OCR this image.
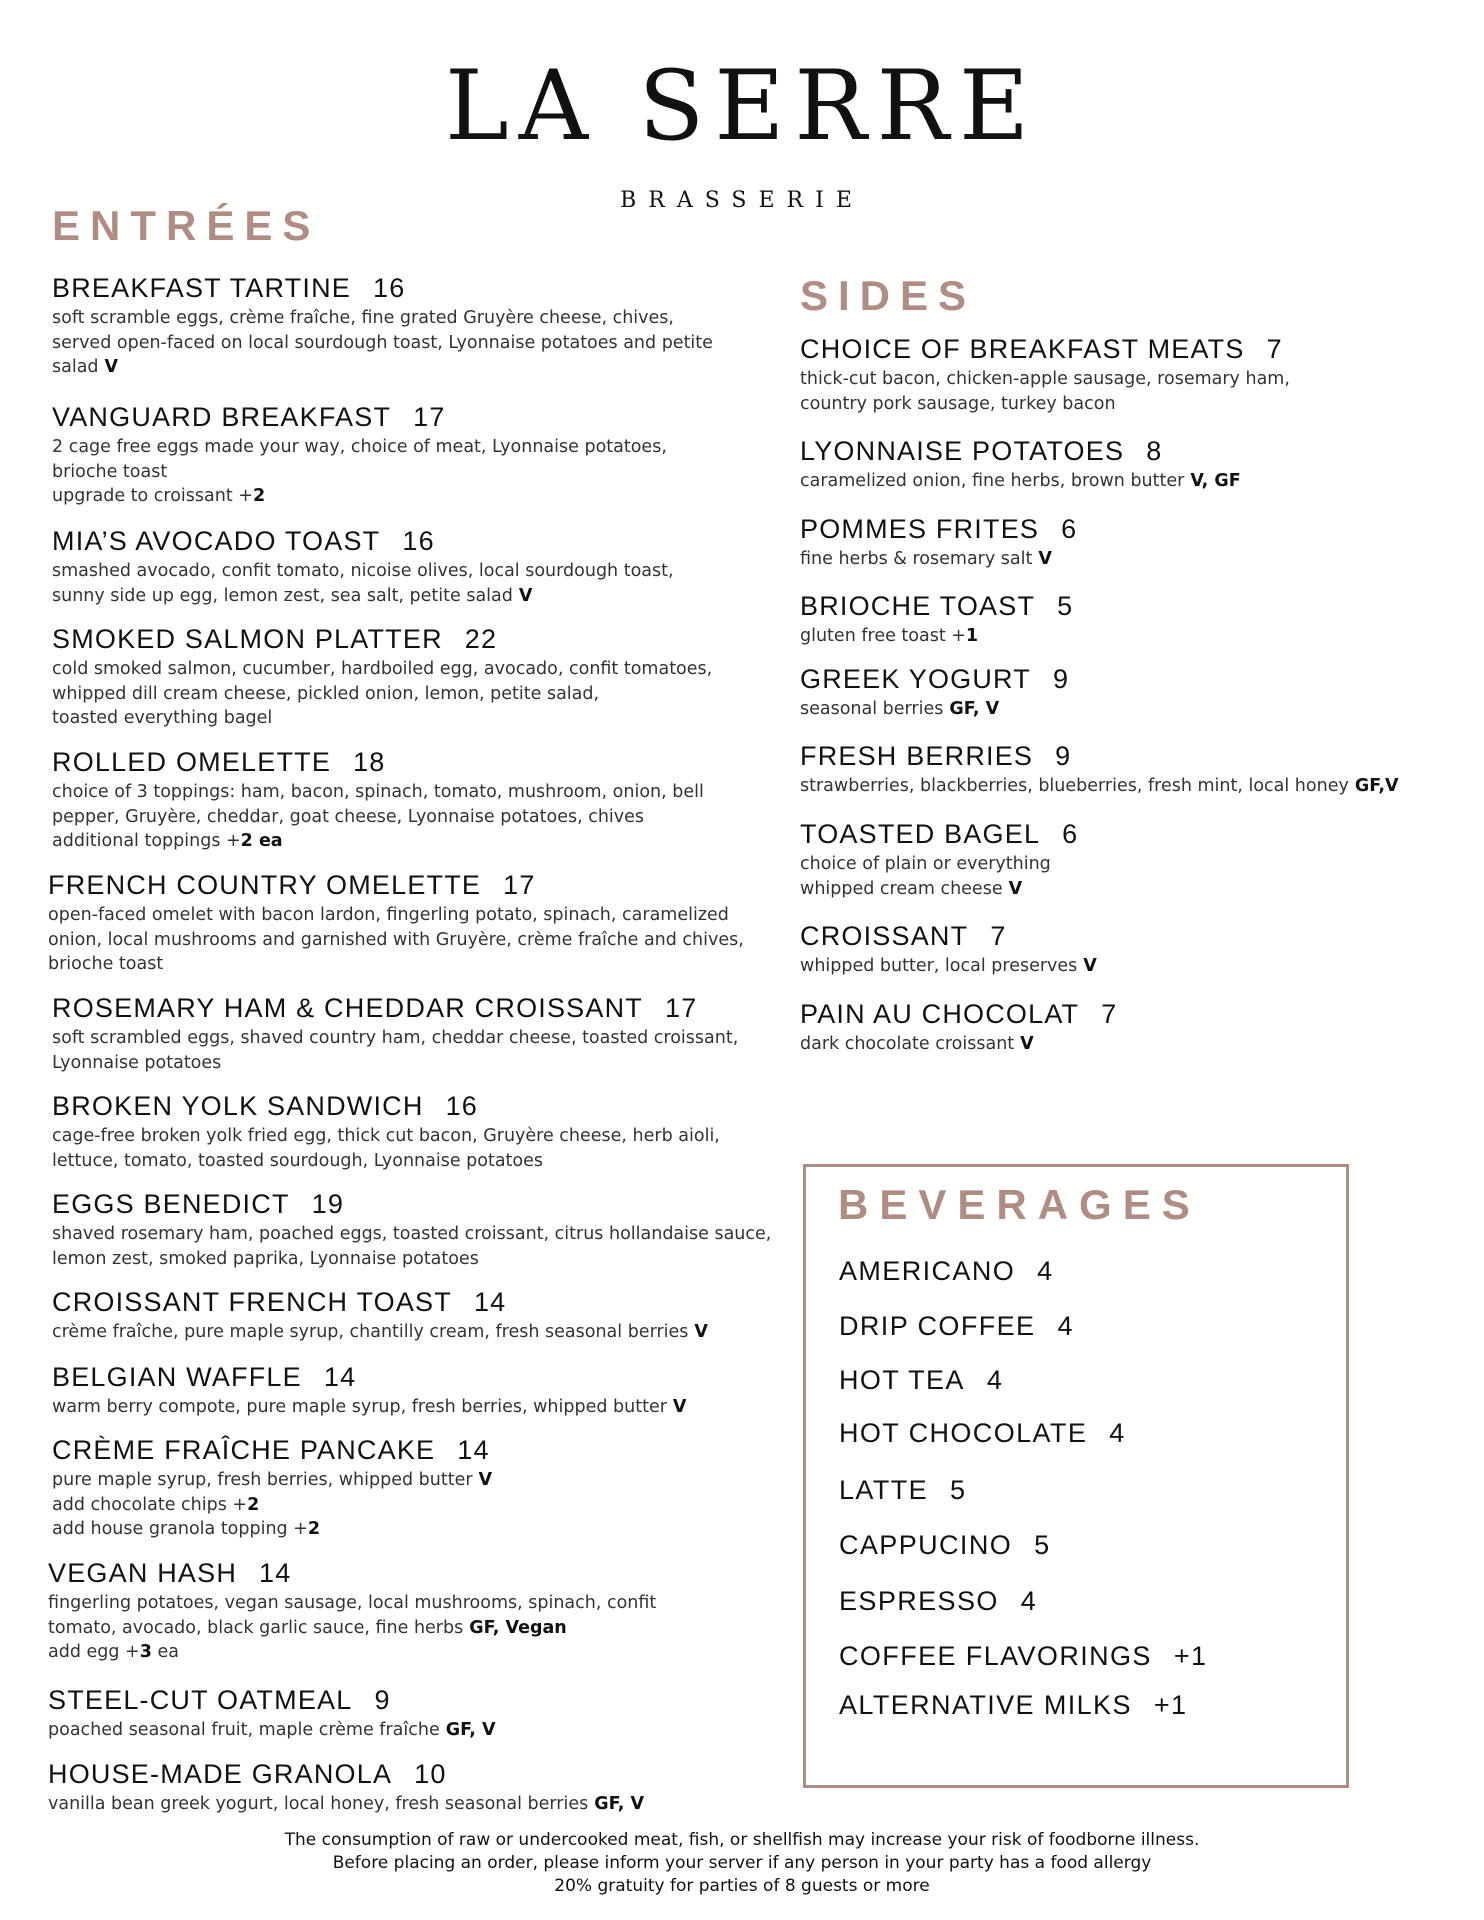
LA SERRE
BRASSERIE
ENTRÉES
BREAKFAST TARTINE 16
soft scramble eggs, crème fraîche, fine grated Gruyère cheese, chives,
served open-faced on local sourdough toast, Lyonnaise potatoes and petite
salad V
VANGUARD BREAKFAST 17
2 cage free eggs made your way, choice of meat, Lyonnaise potatoes,
brioche toast
upgrade to croissant +2
MIA’S AVOCADO TOAST 16
smashed avocado, confit tomato, nicoise olives, local sourdough toast,
sunny side up egg, lemon zest, sea salt, petite salad V
SMOKED SALMON PLATTER 22
cold smoked salmon, cucumber, hardboiled egg, avocado, confit tomatoes,
whipped dill cream cheese, pickled onion, lemon, petite salad,
toasted everything bagel
ROLLED OMELETTE 18
choice of 3 toppings: ham, bacon, spinach, tomato, mushroom, onion, bell
pepper, Gruyère, cheddar, goat cheese, Lyonnaise potatoes, chives
additional toppings +2 ea
FRENCH COUNTRY OMELETTE 17
open-faced omelet with bacon lardon, fingerling potato, spinach, caramelized
onion, local mushrooms and garnished with Gruyère, crème fraîche and chives,
brioche toast
ROSEMARY HAM & CHEDDAR CROISSANT 17
soft scrambled eggs, shaved country ham, cheddar cheese, toasted croissant,
Lyonnaise potatoes
BROKEN YOLK SANDWICH 16
cage-free broken yolk fried egg, thick cut bacon, Gruyère cheese, herb aioli,
lettuce, tomato, toasted sourdough, Lyonnaise potatoes
EGGS BENEDICT 19
shaved rosemary ham, poached eggs, toasted croissant, citrus hollandaise sauce,
lemon zest, smoked paprika, Lyonnaise potatoes
CROISSANT FRENCH TOAST 14
crème fraîche, pure maple syrup, chantilly cream, fresh seasonal berries V
BELGIAN WAFFLE 14
warm berry compote, pure maple syrup, fresh berries, whipped butter V
CRÈME FRAÎCHE PANCAKE 14
pure maple syrup, fresh berries, whipped butter V
add chocolate chips +2
add house granola topping +2
VEGAN HASH 14
fingerling potatoes, vegan sausage, local mushrooms, spinach, confit
tomato, avocado, black garlic sauce, fine herbs GF, Vegan
add egg +3 ea
STEEL-CUT OATMEAL 9
poached seasonal fruit, maple crème fraîche GF, V
HOUSE-MADE GRANOLA 10
vanilla bean greek yogurt, local honey, fresh seasonal berries GF, V
SIDES
CHOICE OF BREAKFAST MEATS 7
thick-cut bacon, chicken-apple sausage, rosemary ham,
country pork sausage, turkey bacon
LYONNAISE POTATOES 8
caramelized onion, fine herbs, brown butter V, GF
POMMES FRITES 6
fine herbs & rosemary salt V
BRIOCHE TOAST 5
gluten free toast +1
GREEK YOGURT 9
seasonal berries GF, V
FRESH BERRIES 9
strawberries, blackberries, blueberries, fresh mint, local honey GF,V
TOASTED BAGEL 6
choice of plain or everything
whipped cream cheese V
CROISSANT 7
whipped butter, local preserves V
PAIN AU CHOCOLAT 7
dark chocolate croissant V
BEVERAGES
AMERICANO 4
DRIP COFFEE 4
HOT TEA 4
HOT CHOCOLATE 4
LATTE 5
CAPPUCINO 5
ESPRESSO 4
COFFEE FLAVORINGS +1
ALTERNATIVE MILKS +1
The consumption of raw or undercooked meat, fish, or shellfish may increase your risk of foodborne illness.
Before placing an order, please inform your server if any person in your party has a food allergy
20% gratuity for parties of 8 guests or more
